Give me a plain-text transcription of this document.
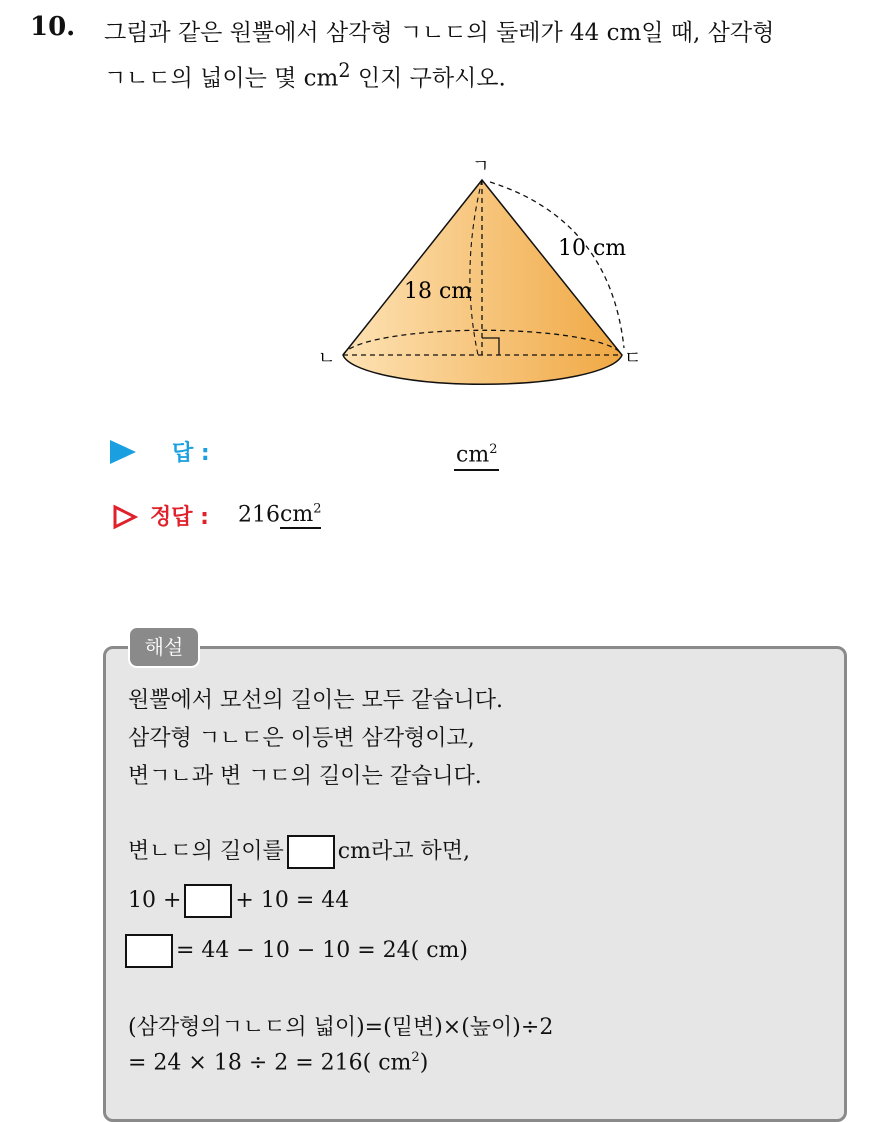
10. 그림과 같은 원뿔에서 삼각형 ㄱㄴㄷ의 둘레가 44 cm일 때, 삼각형
ㄱㄴㄷ의 넓이는 몇 $cm^2$ 인지 구하시오.
ㄱ
ㄴ	ㄷ
10 cm
18 cm
답 :	$cm^2$
정답 : $216cm^2$
해설
원뿔에서 모선의 길이는 모두 같습니다.
삼각형 ㄱㄴㄷ은 이등변 삼각형이고,
변ㄱㄴ과 변 ㄱㄷ의 길이는 같습니다.
변ㄴㄷ의 길이를 cm라고 하면,
10 + + 10 = 44
= 44 − 10 − 10 = 24( cm)
(삼각형의ㄱㄴㄷ의 넓이)=(밑변)×(높이)÷2
= 24 × 18 ÷ 2 = 216( $cm^2$)
